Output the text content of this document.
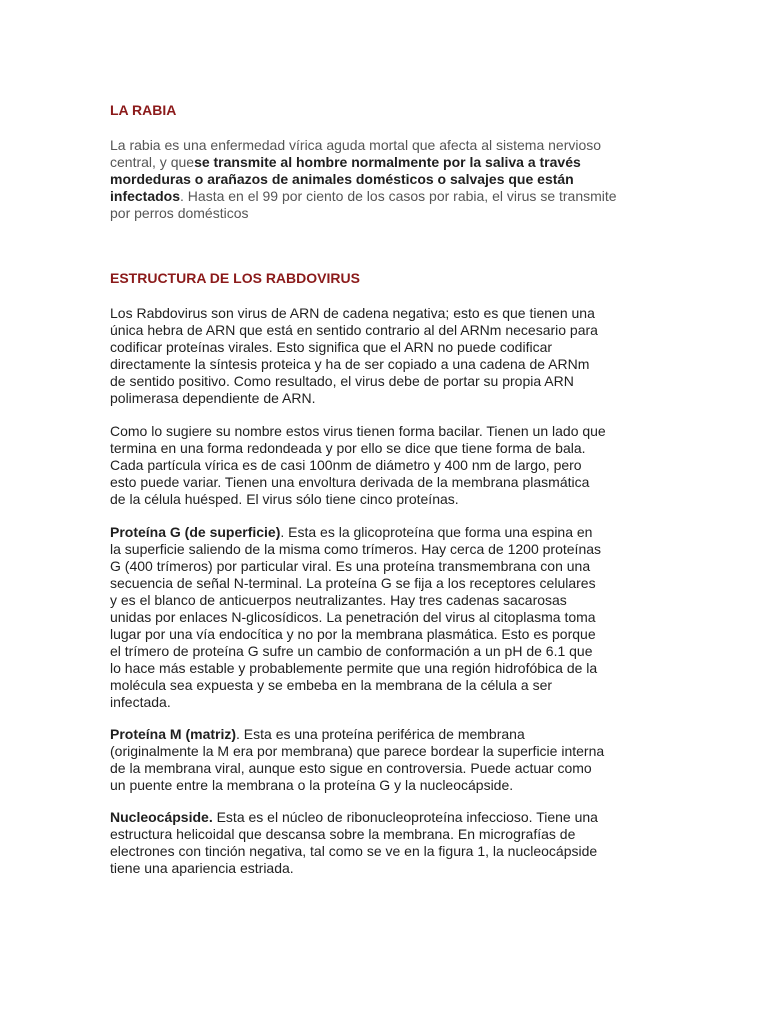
LA RABIA

La rabia es una enfermedad vírica aguda mortal que afecta al sistema nervioso
central, y quese transmite al hombre normalmente por la saliva a través
mordeduras o arañazos de animales domésticos o salvajes que están
infectados. Hasta en el 99 por ciento de los casos por rabia, el virus se transmite
por perros domésticos

ESTRUCTURA DE LOS RABDOVIRUS

Los Rabdovirus son virus de ARN de cadena negativa; esto es que tienen una
única hebra de ARN que está en sentido contrario al del ARNm necesario para
codificar proteínas virales. Esto significa que el ARN no puede codificar
directamente la síntesis proteica y ha de ser copiado a una cadena de ARNm
de sentido positivo. Como resultado, el virus debe de portar su propia ARN
polimerasa dependiente de ARN.

Como lo sugiere su nombre estos virus tienen forma bacilar. Tienen un lado que
termina en una forma redondeada y por ello se dice que tiene forma de bala.
Cada partícula vírica es de casi 100nm de diámetro y 400 nm de largo, pero
esto puede variar. Tienen una envoltura derivada de la membrana plasmática
de la célula huésped. El virus sólo tiene cinco proteínas.

Proteína G (de superficie). Esta es la glicoproteína que forma una espina en
la superficie saliendo de la misma como trímeros. Hay cerca de 1200 proteínas
G (400 trímeros) por particular viral. Es una proteína transmembrana con una
secuencia de señal N-terminal. La proteína G se fija a los receptores celulares
y es el blanco de anticuerpos neutralizantes. Hay tres cadenas sacarosas
unidas por enlaces N-glicosídicos. La penetración del virus al citoplasma toma
lugar por una vía endocítica y no por la membrana plasmática. Esto es porque
el trímero de proteína G sufre un cambio de conformación a un pH de 6.1 que
lo hace más estable y probablemente permite que una región hidrofóbica de la
molécula sea expuesta y se embeba en la membrana de la célula a ser
infectada.

Proteína M (matriz). Esta es una proteína periférica de membrana
(originalmente la M era por membrana) que parece bordear la superficie interna
de la membrana viral, aunque esto sigue en controversia. Puede actuar como
un puente entre la membrana o la proteína G y la nucleocápside.

Nucleocápside. Esta es el núcleo de ribonucleoproteína infeccioso. Tiene una
estructura helicoidal que descansa sobre la membrana. En micrografías de
electrones con tinción negativa, tal como se ve en la figura 1, la nucleocápside
tiene una apariencia estriada.
